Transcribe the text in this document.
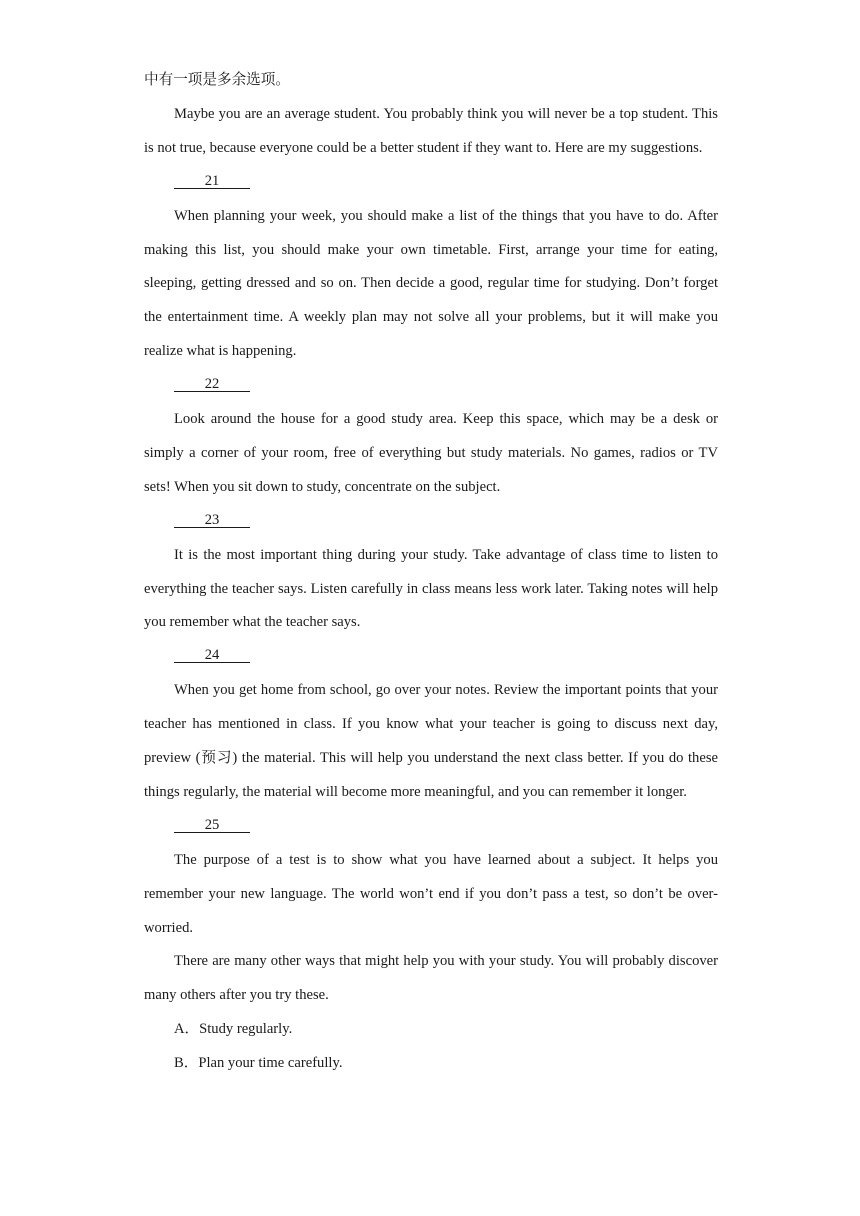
中有一项是多余选项。

Maybe you are an average student. You probably think you will never be a top student. This is not true, because everyone could be a better student if they want to. Here are my suggestions.

21

When planning your week, you should make a list of the things that you have to do. After making this list, you should make your own timetable. First, arrange your time for eating, sleeping, getting dressed and so on. Then decide a good, regular time for studying. Don’t forget the entertainment time. A weekly plan may not solve all your problems, but it will make you realize what is happening.

22

Look around the house for a good study area. Keep this space, which may be a desk or simply a corner of your room, free of everything but study materials. No games, radios or TV sets! When you sit down to study, concentrate on the subject.

23

It is the most important thing during your study. Take advantage of class time to listen to everything the teacher says. Listen carefully in class means less work later. Taking notes will help you remember what the teacher says.

24

When you get home from school, go over your notes. Review the important points that your teacher has mentioned in class. If you know what your teacher is going to discuss next day, preview (预习) the material. This will help you understand the next class better. If you do these things regularly, the material will become more meaningful, and you can remember it longer.

25

The purpose of a test is to show what you have learned about a subject. It helps you remember your new language. The world won’t end if you don’t pass a test, so don’t be over-worried.

There are many other ways that might help you with your study. You will probably discover many others after you try these.

A．Study regularly.

B．Plan your time carefully.
